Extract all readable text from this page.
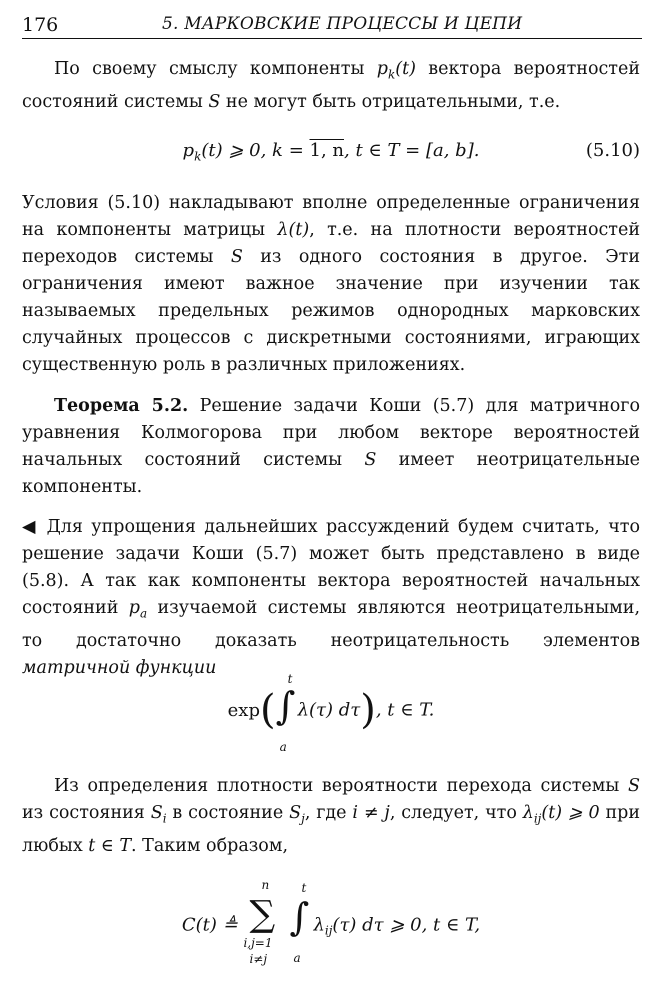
176	5. МАРКОВСКИЕ ПРОЦЕССЫ И ЦЕПИ
По своему смыслу компоненты $p_k(t)$ вектора вероятностей состояний системы S не могут быть отрицательными, т.е.
$p_k(t)$ ⩾ 0, k = 1, n, t ∈ T = [a, b].	(5.10)
Условия (5.10) накладывают вполне определенные ограничения на компоненты матрицы λ(t), т.е. на плотности вероятностей переходов системы S из одного состояния в другое. Эти ограничения имеют важное значение при изучении так называемых предельных режимов однородных марковских случайных процессов с дискретными состояниями, играющих существенную роль в различных приложениях.
Теорема 5.2. Решение задачи Коши (5.7) для матричного уравнения Колмогорова при любом векторе вероятностей начальных состояний системы S имеет неотрицательные компоненты.
◀ Для упрощения дальнейших рассуждений будем считать, что решение задачи Коши (5.7) может быть представлено в виде (5.8). А так как компоненты вектора вероятностей начальных состояний $p_a$ изучаемой системы являются неотрицательными, то достаточно доказать неотрицательность элементов матричной функции
exp(
t
∫
a
λ(τ) dτ), t ∈ T.
Из определения плотности вероятности перехода системы S из состояния $S_i$ в состояние $S_j$, где i ≠ j, следует, что $\lambda_{ij}(t)$ ⩾ 0 при любых t ∈ T. Таким образом,
C(t) ≜
n
∑
i,j=1
i≠j
t
∫
a
$\lambda_{ij}(\tau)$ dτ ⩾ 0, t ∈ T,
